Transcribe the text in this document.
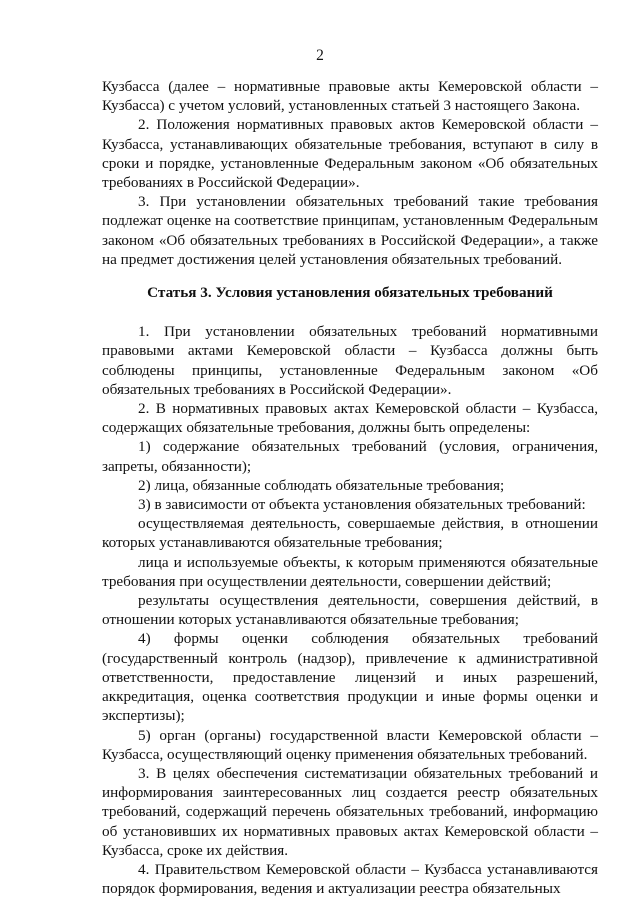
2

Кузбасса (далее – нормативные правовые акты Кемеровской области – Кузбасса) с учетом условий, установленных статьей 3 настоящего Закона.

2. Положения нормативных правовых актов Кемеровской области – Кузбасса, устанавливающих обязательные требования, вступают в силу в сроки и порядке, установленные Федеральным законом «Об обязательных требованиях в Российской Федерации».

3. При установлении обязательных требований такие требования подлежат оценке на соответствие принципам, установленным Федеральным законом «Об обязательных требованиях в Российской Федерации», а также на предмет достижения целей установления обязательных требований.

Статья 3. Условия установления обязательных требований

1. При установлении обязательных требований нормативными правовыми актами Кемеровской области – Кузбасса должны быть соблюдены принципы, установленные Федеральным законом «Об обязательных требованиях в Российской Федерации».

2. В нормативных правовых актах Кемеровской области – Кузбасса, содержащих обязательные требования, должны быть определены:

1) содержание обязательных требований (условия, ограничения, запреты, обязанности);

2) лица, обязанные соблюдать обязательные требования;

3) в зависимости от объекта установления обязательных требований:

осуществляемая деятельность, совершаемые действия, в отношении которых устанавливаются обязательные требования;

лица и используемые объекты, к которым применяются обязательные требования при осуществлении деятельности, совершении действий;

результаты осуществления деятельности, совершения действий, в отношении которых устанавливаются обязательные требования;

4) формы оценки соблюдения обязательных требований (государственный контроль (надзор), привлечение к административной ответственности, предоставление лицензий и иных разрешений, аккредитация, оценка соответствия продукции и иные формы оценки и экспертизы);

5) орган (органы) государственной власти Кемеровской области – Кузбасса, осуществляющий оценку применения обязательных требований.

3. В целях обеспечения систематизации обязательных требований и информирования заинтересованных лиц создается реестр обязательных требований, содержащий перечень обязательных требований, информацию об установивших их нормативных правовых актах Кемеровской области – Кузбасса, сроке их действия.

4. Правительством Кемеровской области – Кузбасса устанавливаются порядок формирования, ведения и актуализации реестра обязательных
